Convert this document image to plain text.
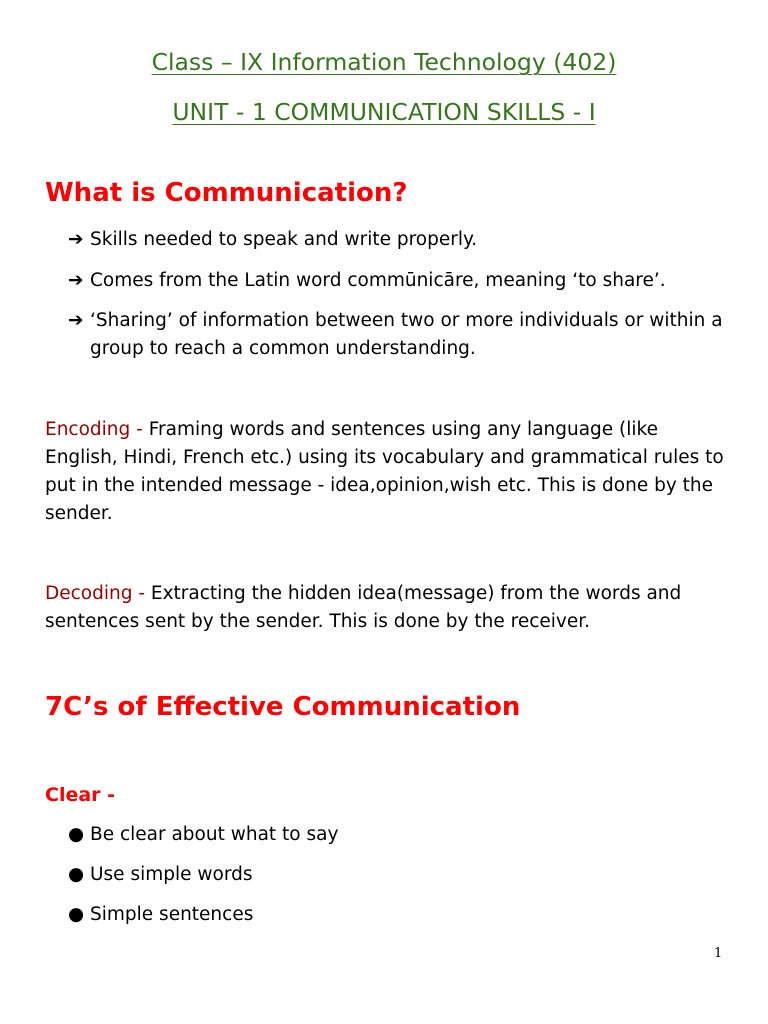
Class – IX Information Technology (402)
UNIT - 1 COMMUNICATION SKILLS - I
What is Communication?
➔ Skills needed to speak and write properly.
➔ Comes from the Latin word commūnicāre, meaning ‘to share’.
➔ ‘Sharing’ of information between two or more individuals or within a group to reach a common understanding.
Encoding - Framing words and sentences using any language (like English, Hindi, French etc.) using its vocabulary and grammatical rules to put in the intended message - idea,opinion,wish etc. This is done by the sender.
Decoding - Extracting the hidden idea(message) from the words and sentences sent by the sender. This is done by the receiver.
7C’s of Effective Communication
Clear -
● Be clear about what to say
● Use simple words
● Simple sentences
1
